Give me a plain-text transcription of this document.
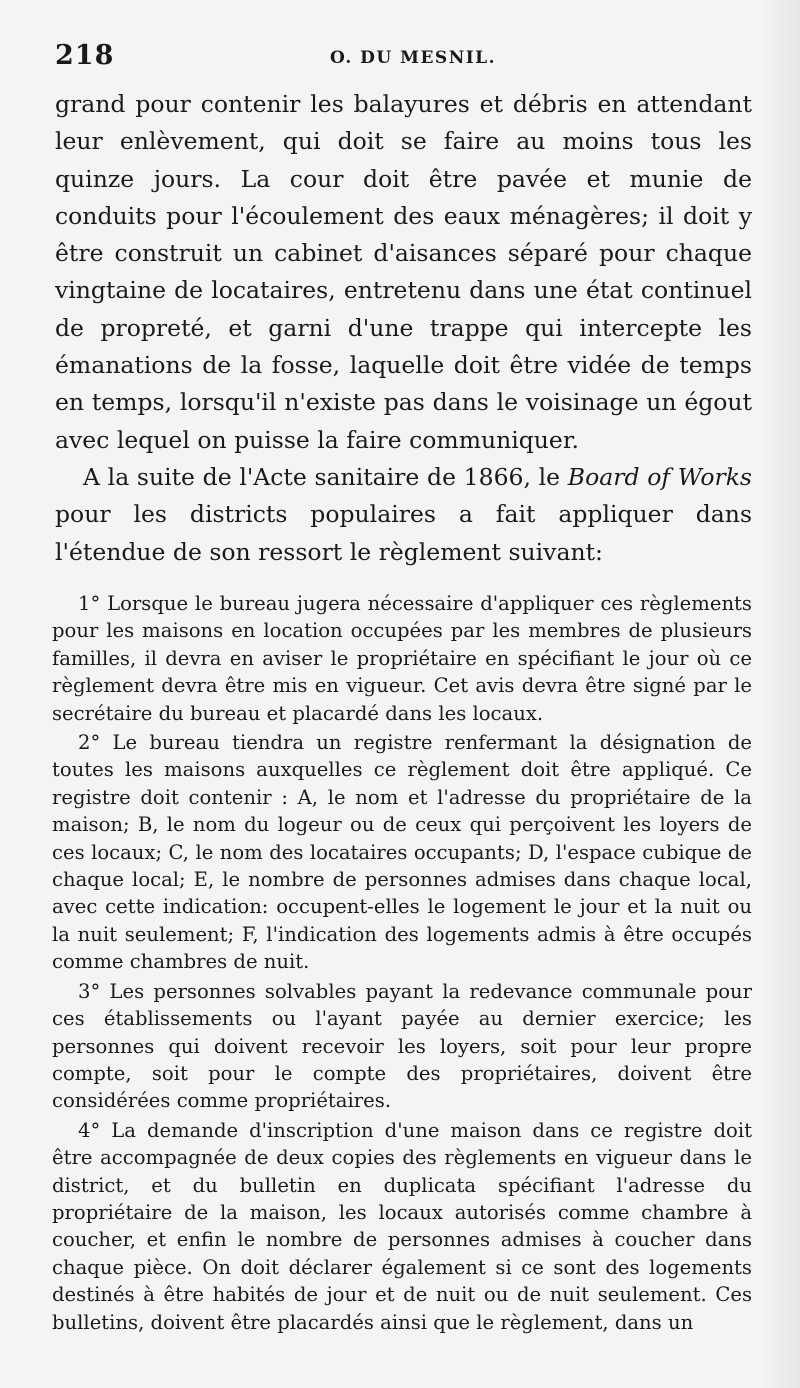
218	O. DU MESNIL.

grand pour contenir les balayures et débris en attendant leur enlèvement, qui doit se faire au moins tous les quinze jours. La cour doit être pavée et munie de conduits pour l'écoulement des eaux ménagères; il doit y être construit un cabinet d'aisances séparé pour chaque vingtaine de locataires, entretenu dans une état continuel de propreté, et garni d'une trappe qui intercepte les émanations de la fosse, laquelle doit être vidée de temps en temps, lorsqu'il n'existe pas dans le voisinage un égout avec lequel on puisse la faire communiquer.

A la suite de l'Acte sanitaire de 1866, le Board of Works pour les districts populaires a fait appliquer dans l'étendue de son ressort le règlement suivant:

1° Lorsque le bureau jugera nécessaire d'appliquer ces règlements pour les maisons en location occupées par les membres de plusieurs familles, il devra en aviser le propriétaire en spécifiant le jour où ce règlement devra être mis en vigueur. Cet avis devra être signé par le secrétaire du bureau et placardé dans les locaux.

2° Le bureau tiendra un registre renfermant la désignation de toutes les maisons auxquelles ce règlement doit être appliqué. Ce registre doit contenir : A, le nom et l'adresse du propriétaire de la maison; B, le nom du logeur ou de ceux qui perçoivent les loyers de ces locaux; C, le nom des locataires occupants; D, l'espace cubique de chaque local; E, le nombre de personnes admises dans chaque local, avec cette indication: occupent-elles le logement le jour et la nuit ou la nuit seulement; F, l'indication des logements admis à être occupés comme chambres de nuit.

3° Les personnes solvables payant la redevance communale pour ces établissements ou l'ayant payée au dernier exercice; les personnes qui doivent recevoir les loyers, soit pour leur propre compte, soit pour le compte des propriétaires, doivent être considérées comme propriétaires.

4° La demande d'inscription d'une maison dans ce registre doit être accompagnée de deux copies des règlements en vigueur dans le district, et du bulletin en duplicata spécifiant l'adresse du propriétaire de la maison, les locaux autorisés comme chambre à coucher, et enfin le nombre de personnes admises à coucher dans chaque pièce. On doit déclarer également si ce sont des logements destinés à être habités de jour et de nuit ou de nuit seulement. Ces bulletins, doivent être placardés ainsi que le règlement, dans un
